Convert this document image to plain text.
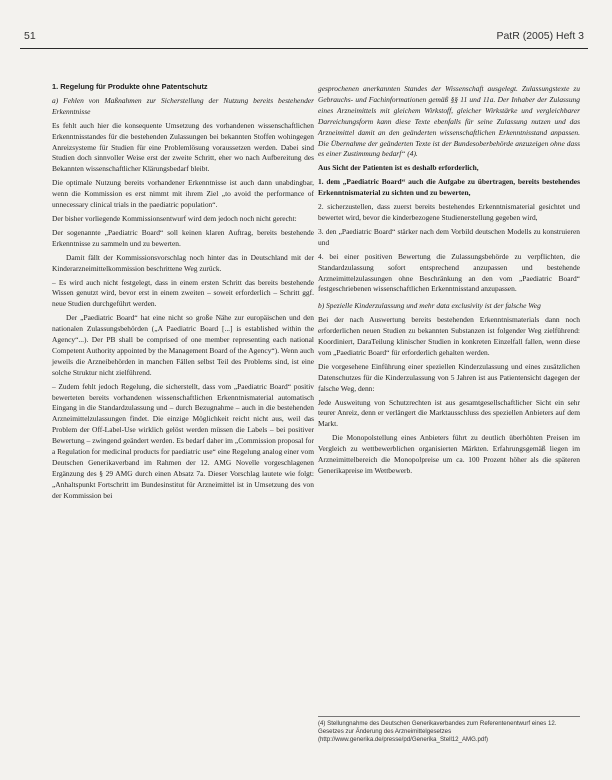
51	PatR (2005) Heft 3

1. Regelung für Produkte ohne Patentschutz

a) Fehlen von Maßnahmen zur Sicherstellung der Nutzung bereits bestehender Erkenntnisse

Es fehlt auch hier die konsequente Umsetzung des vorhandenen wissenschaftlichen Erkenntnisstandes für die bestehenden Zulassungen bei bekannten Stoffen wohingegen Anreizsysteme für Studien für eine Problemlösung voraussetzen werden. Dabei sind Studien doch sinnvoller Weise erst der zweite Schritt, eher wo nach Aufbereitung des Bekannten wissenschaftlicher Klärungsbedarf bleibt.

Die optimale Nutzung bereits vorhandener Erkenntnisse ist auch dann unabdingbar, wenn die Kommission es erst nimmt mit ihrem Ziel „to avoid the performance of unnecessary clinical trials in the paediatric population“.

Der bisher vorliegende Kommissionsentwurf wird dem jedoch noch nicht gerecht:

Der sogenannte „Paediatric Board“ soll keinen klaren Auftrag, bereits bestehende Erkenntnisse zu sammeln und zu bewerten.

Damit fällt der Kommissionsvorschlag noch hinter das in Deutschland mit der Kinderarzneimittelkommission beschrittene Weg zurück.

– Es wird auch nicht festgelegt, dass in einem ersten Schritt das bereits bestehende Wissen genutzt wird, bevor erst in einem zweiten – soweit erforderlich – Schritt ggf. neue Studien durchgeführt werden.

Der „Paediatric Board“ hat eine nicht so große Nähe zur europäischen und den nationalen Zulassungsbehörden („A Paediatric Board [...] is established within the Agency“...). Der PB shall be comprised of one member representing each national Competent Authority appointed by the Management Board of the Agency“). Wenn auch jeweils die Arzneibehörden in manchen Fällen selbst Teil des Problems sind, ist eine solche Struktur nicht zielführend.

– Zudem fehlt jedoch Regelung, die sicherstellt, dass vom „Paediatric Board“ positiv bewerteten bereits vorhandenen wissenschaftlichen Erkenntnismaterial automatisch Eingang in die Standardzulassung und – durch Bezugnahme – auch in die bestehenden Arzneimittelzulassungen findet. Die einzige Möglichkeit reicht nicht aus, weil das Problem der Off-Label-Use wirklich gelöst werden müssen die Labels – bei positiver Bewertung – zwingend geändert werden. Es bedarf daher im „Commission proposal for a Regulation for medicinal products for paediatric use“ eine Regelung analog einer vom Deutschen Generikaverband im Rahmen der 12. AMG Novelle vorgeschlagenen Ergänzung des § 29 AMG durch einen Absatz 7a. Dieser Vorschlag lautete wie folgt: „Anhaltspunkt Fortschritt im Bundesinstitut für Arzneimittel ist in Umsetzung des von der Kommission bei

gesprochenen anerkannten Standes der Wissenschaft ausgelegt. Zulassungstexte zu Gebrauchs- und Fachinformationen gemäß §§ 11 und 11a. Der Inhaber der Zulassung eines Arzneimittels mit gleichem Wirkstoff, gleicher Wirkstärke und vergleichbarer Darreichungsform kann diese Texte ebenfalls für seine Zulassung nutzen und das Arzneimittel damit an den geänderten wissenschaftlichen Erkenntnisstand anpassen. Die Übernahme der geänderten Texte ist der Bundesoberbehörde anzuzeigen ohne dass es einer Zustimmung bedarf“ (4).

Aus Sicht der Patienten ist es deshalb erforderlich,

1. dem „Paediatric Board“ auch die Aufgabe zu übertragen, bereits bestehendes Erkenntnismaterial zu sichten und zu bewerten,

2. sicherzustellen, dass zuerst bereits bestehendes Erkenntnismaterial gesichtet und bewertet wird, bevor die kinderbezogene Studienerstellung gegeben wird,

3. den „Paediatric Board“ stärker nach dem Vorbild deutschen Modells zu konstruieren und

4. bei einer positiven Bewertung die Zulassungsbehörde zu verpflichten, die Standardzulassung sofort entsprechend anzupassen und bestehende Arzneimittelzulassungen ohne Beschränkung an den vom „Paediatric Board“ festgeschriebenen wissenschaftlichen Erkenntnisstand anzupassen.

b) Spezielle Kinderzulassung und mehr data exclusivity ist der falsche Weg

Bei der nach Auswertung bereits bestehenden Erkenntnismaterials dann noch erforderlichen neuen Studien zu bekannten Substanzen ist folgender Weg zielführend: Koordiniert, DaraTeilung klinischer Studien in konkreten Einzelfall fallen, wenn diese vom „Paediatric Board“ für erforderlich gehalten werden.

Die vorgesehene Einführung einer speziellen Kinderzulassung und eines zusätzlichen Datenschutzes für die Kinderzulassung von 5 Jahren ist aus Patientensicht dagegen der falsche Weg, denn:

Jede Ausweitung von Schutzrechten ist aus gesamtgesellschaftlicher Sicht ein sehr teurer Anreiz, denn er verlängert die Marktausschluss des speziellen Anbieters auf dem Markt.

Die Monopolstellung eines Anbieters führt zu deutlich überhöhten Preisen im Vergleich zu wettbewerblichen organisierten Märkten. Erfahrungsgemäß liegen im Arzneimittelbereich die Monopolpreise um ca. 100 Prozent höher als die späteren Generikapreise im Wettbewerb.

(4) Stellungnahme des Deutschen Generikaverbandes zum Referentenentwurf eines 12. Gesetzes zur Änderung des Arzneimittelgesetzes (http://www.generika.de/presse/pd/Generika_Stell12_AMG.pdf)
